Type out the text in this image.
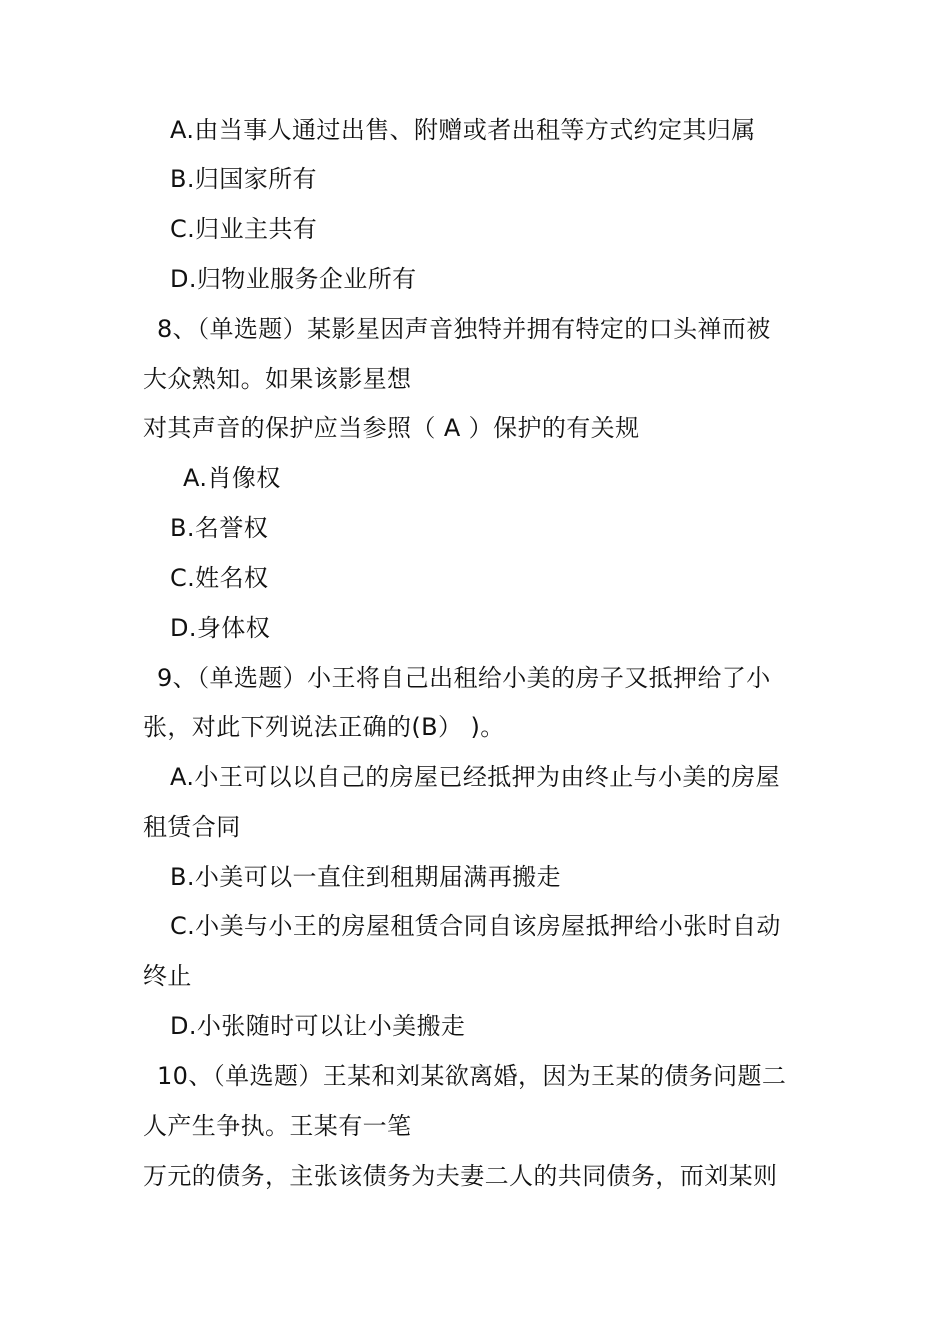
A.由当事人通过出售、附赠或者出租等方式约定其归属
B.归国家所有
C.归业主共有
D.归物业服务企业所有
8、（单选题）某影星因声音独特并拥有特定的口头禅而被
大众熟知。如果该影星想
对其声音的保护应当参照（ A ）保护的有关规
A.肖像权
B.名誉权
C.姓名权
D.身体权
9、（单选题）小王将自己出租给小美的房子又抵押给了小
张，对此下列说法正确的(B） )。
A.小王可以以自己的房屋已经抵押为由终止与小美的房屋
租赁合同
B.小美可以一直住到租期届满再搬走
C.小美与小王的房屋租赁合同自该房屋抵押给小张时自动
终止
D.小张随时可以让小美搬走
10、（单选题）王某和刘某欲离婚，因为王某的债务问题二
人产生争执。王某有一笔
万元的债务，主张该债务为夫妻二人的共同债务，而刘某则
